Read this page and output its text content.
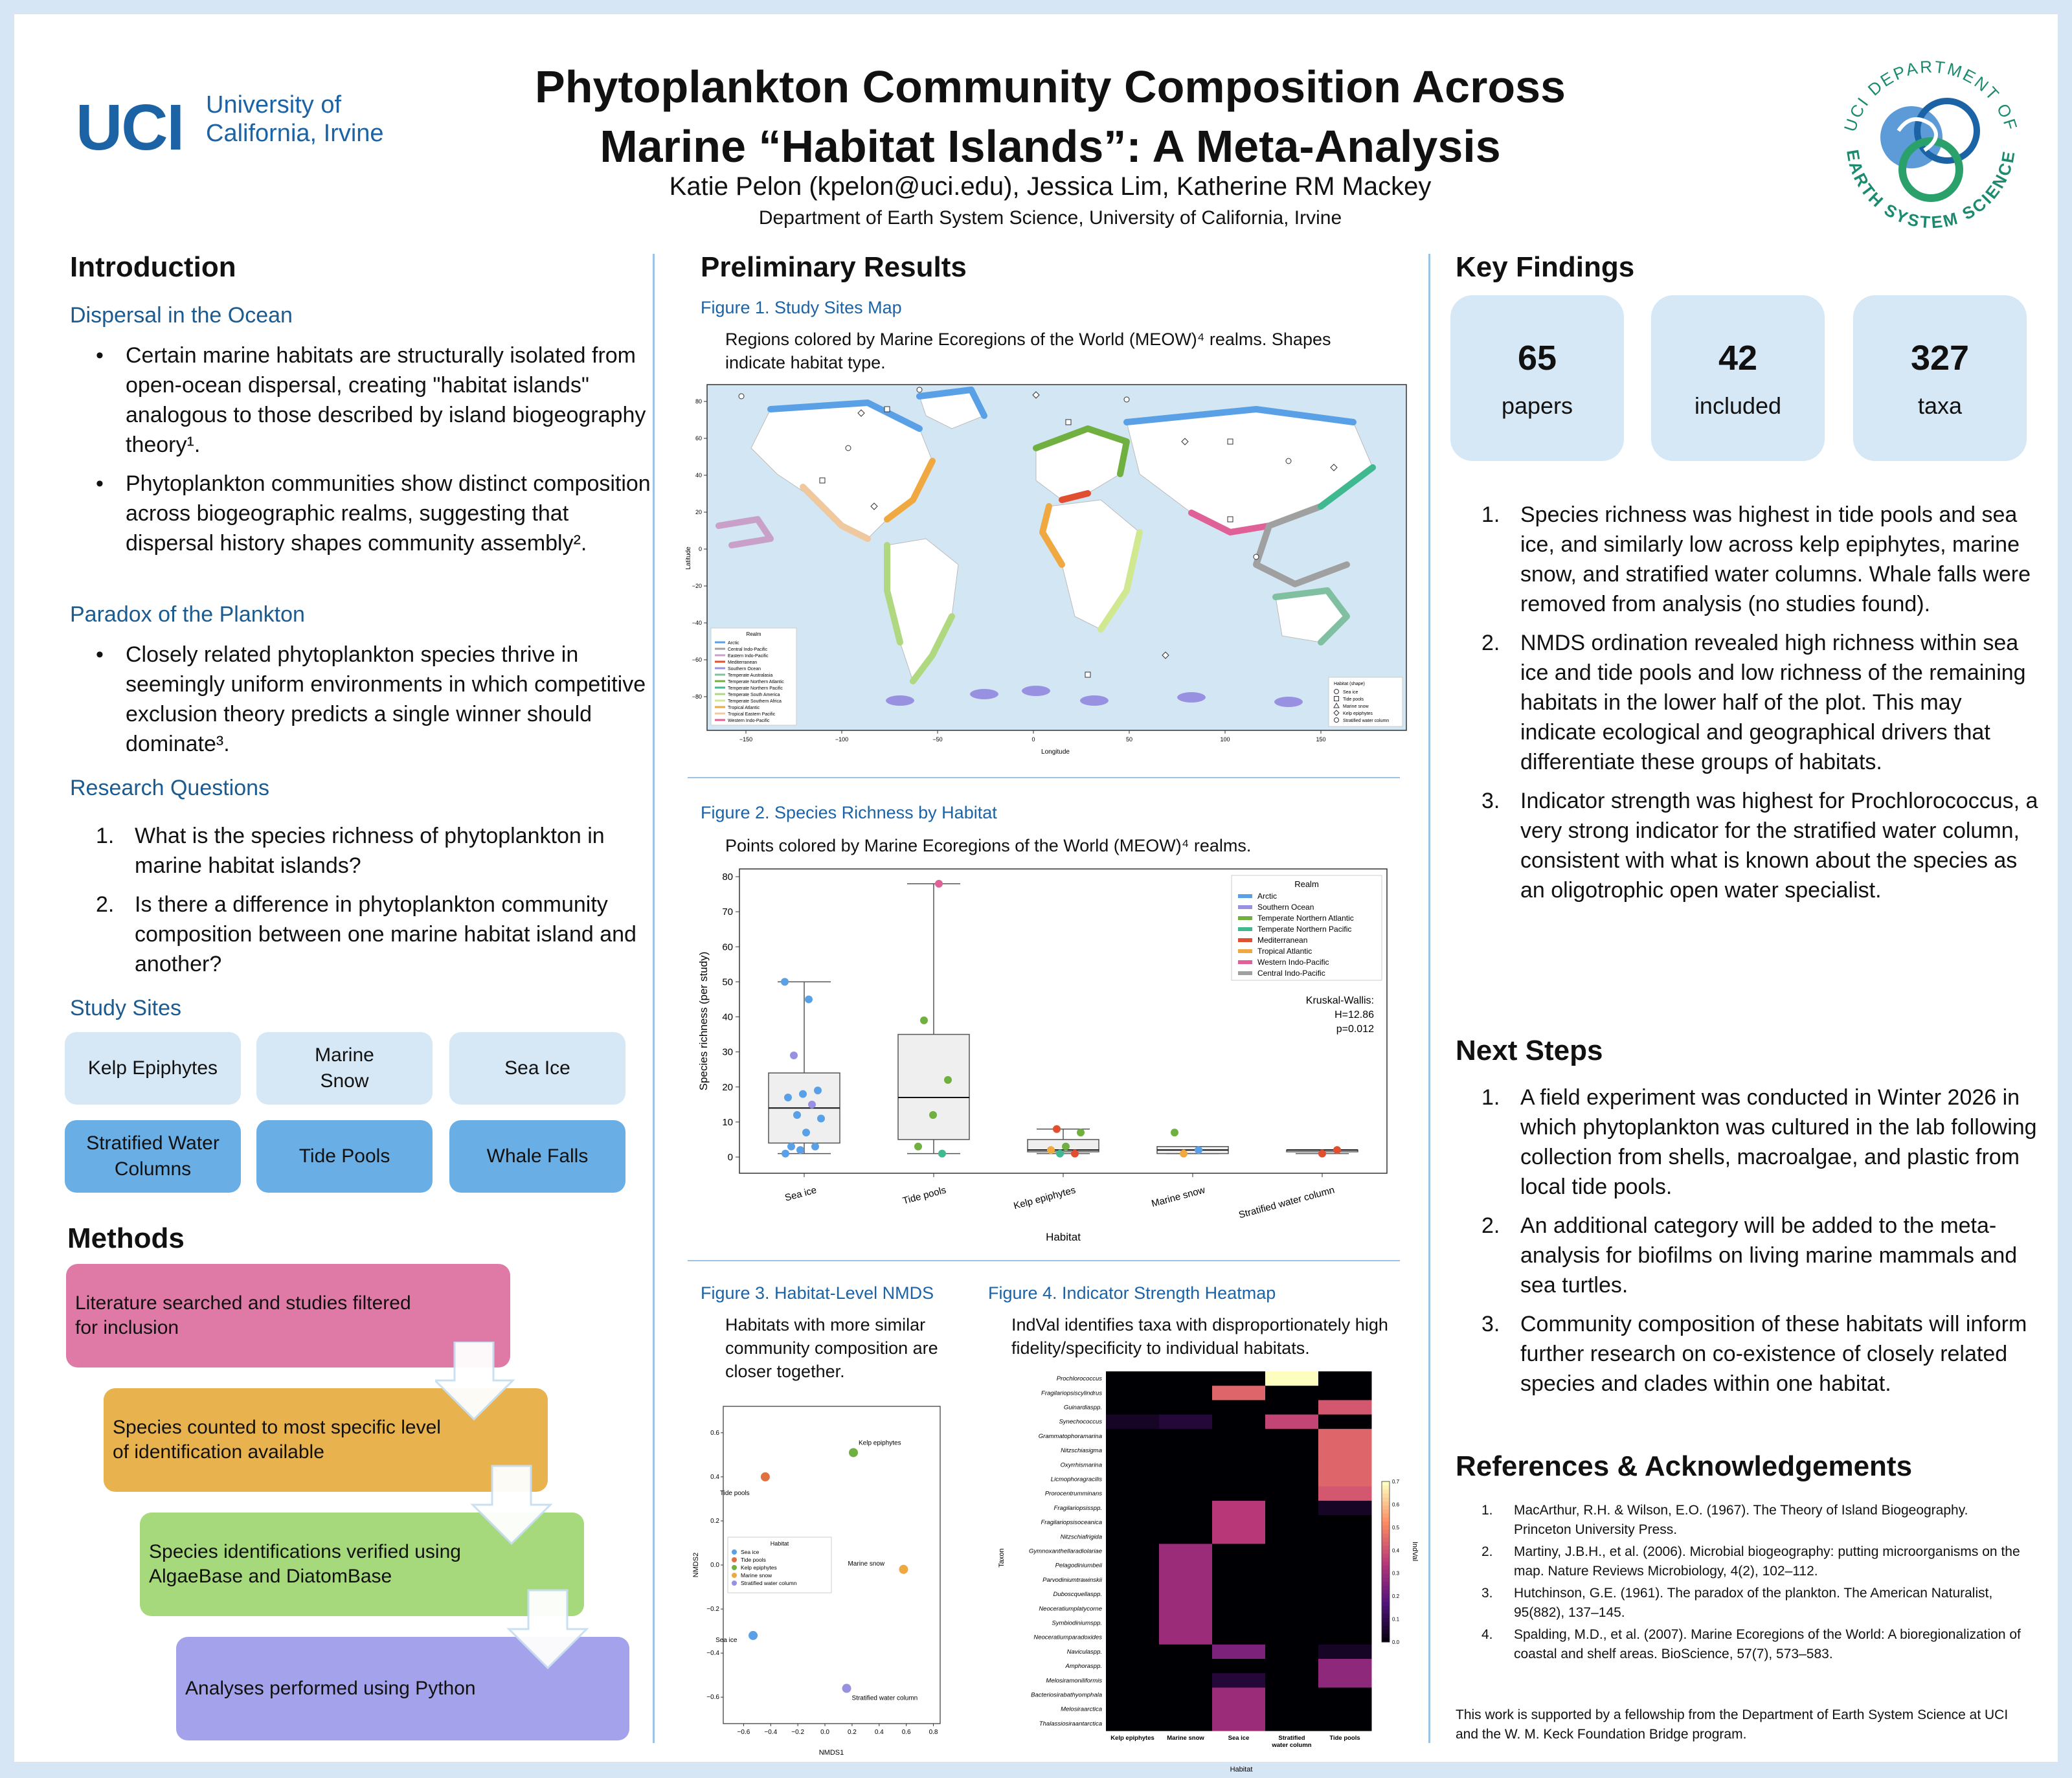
UCI University of
California, Irvine
Phytoplankton Community Composition Across
Marine “Habitat Islands”: A Meta-Analysis
Katie Pelon (kpelon@uci.edu), Jessica Lim, Katherine RM Mackey
Department of Earth System Science, University of California, Irvine
UCI DEPARTMENT OF
EARTH SYSTEM SCIENCE
Introduction
Dispersal in the Ocean
• Certain marine habitats are structurally isolated from open-ocean dispersal, creating "habitat islands" analogous to those described by island biogeography theory¹.
• Phytoplankton communities show distinct composition across biogeographic realms, suggesting that dispersal history shapes community assembly².
Paradox of the Plankton
• Closely related phytoplankton species thrive in seemingly uniform environments in which competitive exclusion theory predicts a single winner should dominate³.
Research Questions
1. What is the species richness of phytoplankton in marine habitat islands?
2. Is there a difference in phytoplankton community composition between one marine habitat island and another?
Study Sites
Kelp Epiphytes
Marine Snow
Sea Ice
Stratified Water Columns
Tide Pools	Whale Falls
Methods
Literature searched and studies filtered for inclusion
Species counted to most specific level of identification available
Species identifications verified using AlgaeBase and DiatomBase
Analyses performed using Python
Preliminary Results
Figure 1. Study Sites Map
Regions colored by Marine Ecoregions of the World (MEOW)⁴ realms. Shapes indicate habitat type.
80
60
40
20
0
−20
−40
−60
−80
−150	−100	−50	0	50	100	150
Longitude
Latitude
Realm
Arctic
Central Indo-Pacific
Eastern Indo-Pacific
Mediterranean
Southern Ocean
Temperate Australasia
Temperate Northern Atlantic
Temperate Northern Pacific
Temperate South America
Temperate Southern Africa
Tropical Atlantic
Tropical Eastern Pacific
Western Indo-Pacific
Habitat (shape)
Sea ice
Tide pools
Marine snow
Kelp epiphytes
Stratified water column
Figure 2. Species Richness by Habitat
Points colored by Marine Ecoregions of the World (MEOW)⁴ realms.
0
10
20
30
40
50
60
70
80
Sea ice	Tide pools	Kelp epiphytes	Marine snow	Stratified water column
Habitat
Species richness (per study)
Realm
Arctic
Southern Ocean
Temperate Northern Atlantic
Temperate Northern Pacific
Mediterranean
Tropical Atlantic
Western Indo-Pacific
Central Indo-Pacific
Kruskal-Wallis:
H=12.86
p=0.012
Figure 3. Habitat-Level NMDS
Habitats with more similar community composition are closer together.
Figure 4. Indicator Strength Heatmap
IndVal identifies taxa with disproportionately high fidelity/specificity to individual habitats.
−0.6 −0.4 −0.2	0.0	0.2	0.4	0.6	0.8
−0.6
−0.4
−0.2
0.0
0.2
0.4
0.6
Sea ice
Tide pools
Kelp epiphytes
Marine snow
Stratified water column
Habitat
Sea ice
Tide pools
Kelp epiphytes
Marine snow
Stratified water column
NMDS1
NMDS2
Prochlorococcus
Fragilariopsiscylindrus
Guinardiaspp.
Synechococcus
Grammatophoramarina
Nitzschiasigma
Oxyrrhismarina
Licmophoragracilis
Prorocentrumminans
Fragilariopsisspp.
Fragilariopsisoceanica
Nitzschiafrigida
Gymnoxanthellaradiolariae
Pelagodiniumbeii
Parvodiniumtrawinskii
Duboscquellaspp.
Neoceratiumplatycorne
Symbiodiniumspp.
Neoceratiumparadoxides
Naviculaspp.
Amphoraspp.
Melosiramoniliformis
Bacteriosirabathyomphala
Melosiraarctica
Thalassiosiraantarctica
Kelp epiphytes Marine snow	Sea ice	Stratified
water column
Tide pools
0.0
0.1
0.2
0.3
0.4
0.5
0.6
0.7
Habitat
Taxon	IndVal
Key Findings
65
papers
42
included
327
taxa
1. Species richness was highest in tide pools and sea ice, and similarly low across kelp epiphytes, marine snow, and stratified water columns. Whale falls were removed from analysis (no studies found).
2. NMDS ordination revealed high richness within sea ice and tide pools and low richness of the remaining habitats in the lower half of the plot. This may indicate ecological and geographical drivers that differentiate these groups of habitats.
3. Indicator strength was highest for Prochlorococcus, a very strong indicator for the stratified water column, consistent with what is known about the species as an oligotrophic open water specialist.
Next Steps
1. A field experiment was conducted in Winter 2026 in which phytoplankton was cultured in the lab following collection from shells, macroalgae, and plastic from local tide pools.
2. An additional category will be added to the meta-analysis for biofilms on living marine mammals and sea turtles.
3. Community composition of these habitats will inform further research on co-existence of closely related species and clades within one habitat.
References & Acknowledgements
1. MacArthur, R.H. & Wilson, E.O. (1967). The Theory of Island Biogeography. Princeton University Press.
2. Martiny, J.B.H., et al. (2006). Microbial biogeography: putting microorganisms on the map. Nature Reviews Microbiology, 4(2), 102–112.
3. Hutchinson, G.E. (1961). The paradox of the plankton. The American Naturalist, 95(882), 137–145.
4. Spalding, M.D., et al. (2007). Marine Ecoregions of the World: A bioregionalization of coastal and shelf areas. BioScience, 57(7), 573–583.
This work is supported by a fellowship from the Department of Earth System Science at UCI and the W. M. Keck Foundation Bridge program.
